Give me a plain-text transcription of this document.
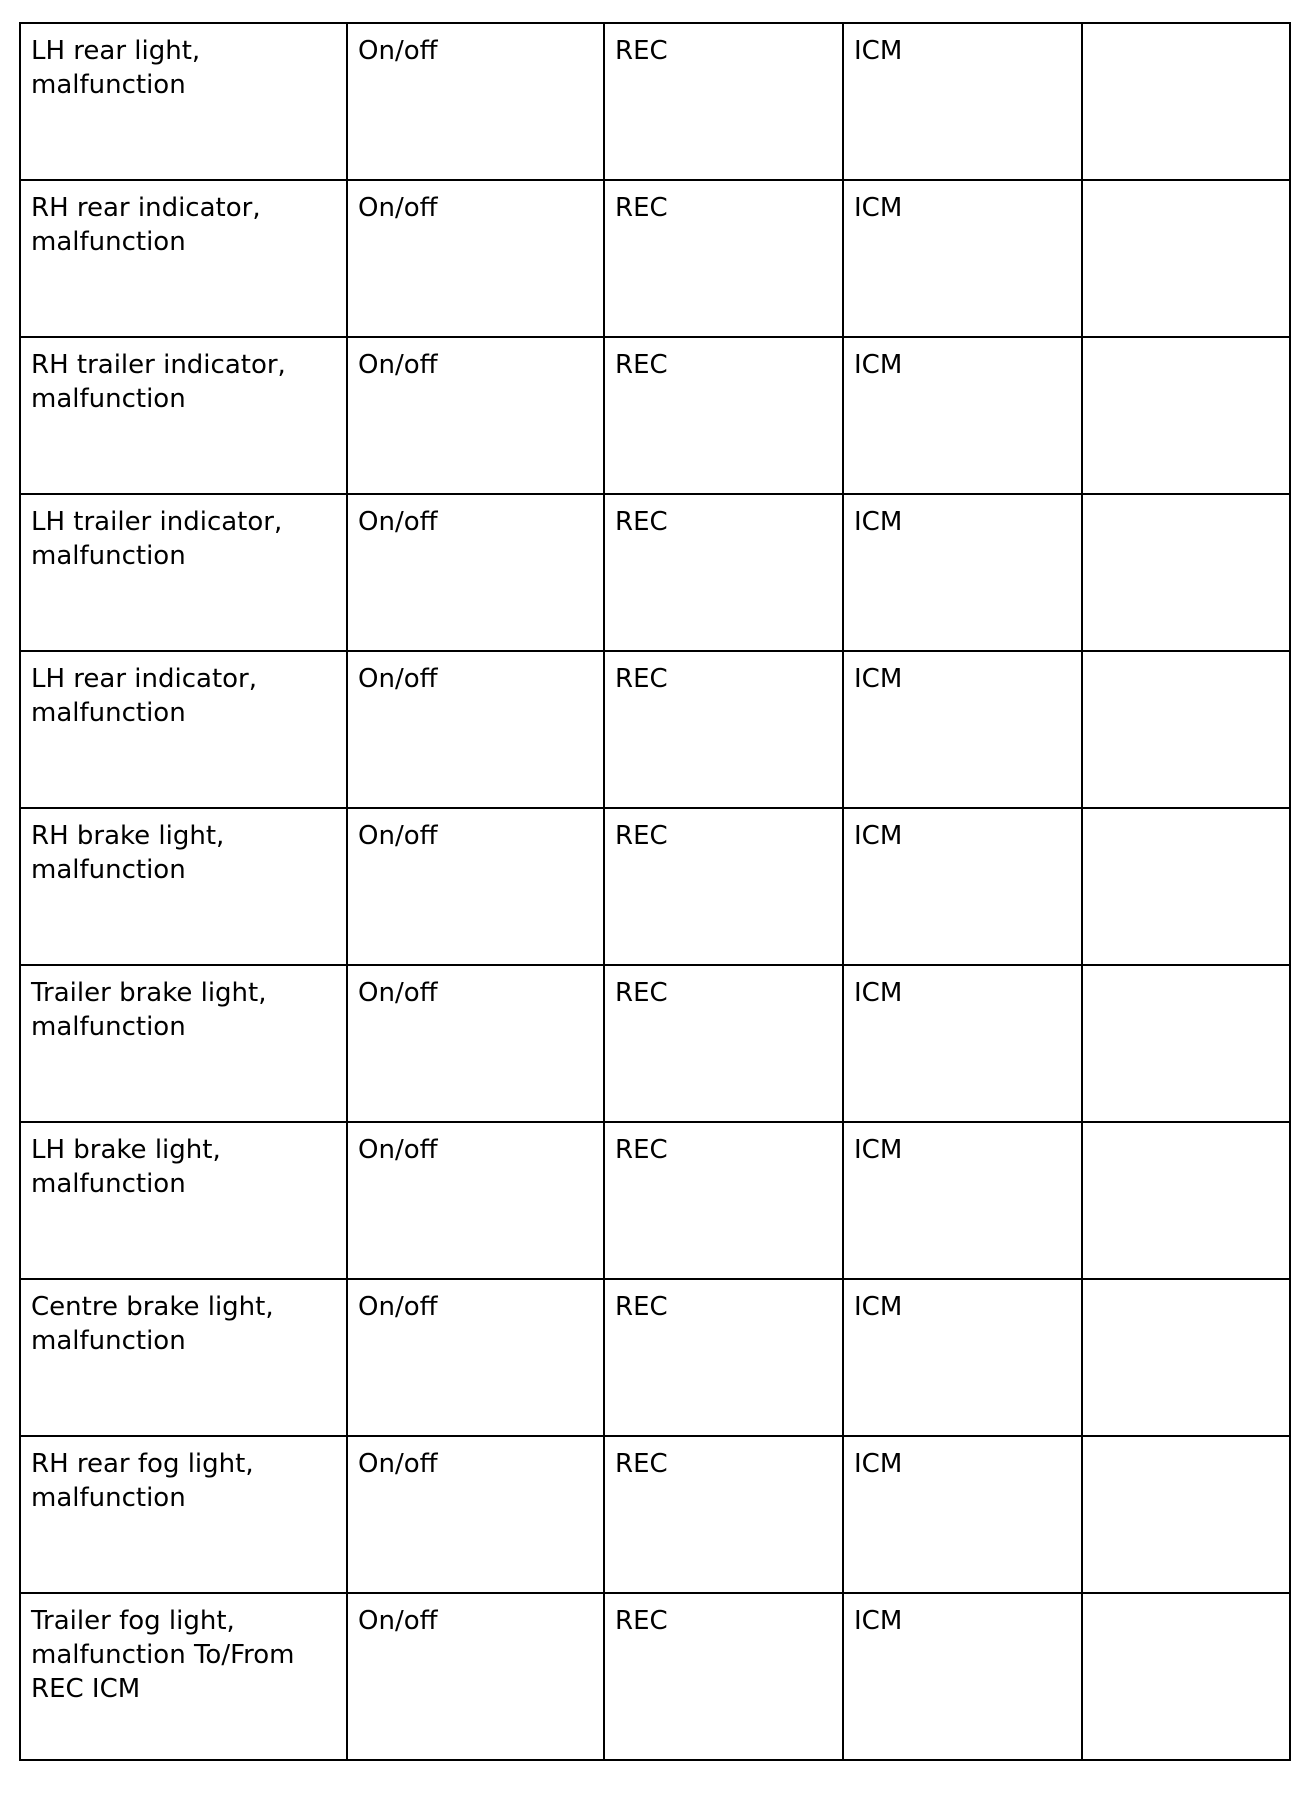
LH rear light, malfunction	On/off	REC	ICM	
RH rear indicator, malfunction	On/off	REC	ICM	
RH trailer indicator, malfunction	On/off	REC	ICM	
LH trailer indicator, malfunction	On/off	REC	ICM	
LH rear indicator, malfunction	On/off	REC	ICM	
RH brake light, malfunction	On/off	REC	ICM	
Trailer brake light, malfunction	On/off	REC	ICM	
LH brake light, malfunction	On/off	REC	ICM	
Centre brake light, malfunction	On/off	REC	ICM	
RH rear fog light, malfunction	On/off	REC	ICM	
Trailer fog light, malfunction To/From REC ICM	On/off	REC	ICM	
